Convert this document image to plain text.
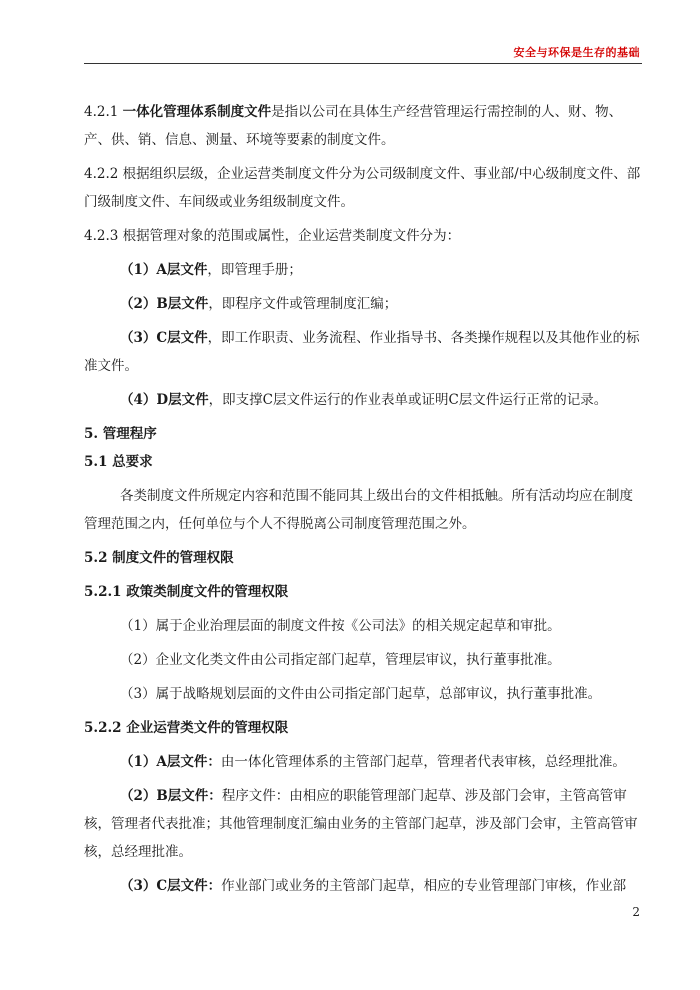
安全与环保是生存的基础

4.2.1 一体化管理体系制度文件是指以公司在具体生产经营管理运行需控制的人、财、物、产、供、销、信息、测量、环境等要素的制度文件。

4.2.2 根据组织层级，企业运营类制度文件分为公司级制度文件、事业部/中心级制度文件、部门级制度文件、车间级或业务组级制度文件。

4.2.3 根据管理对象的范围或属性，企业运营类制度文件分为：

（1）A层文件，即管理手册；

（2）B层文件，即程序文件或管理制度汇编；

（3）C层文件，即工作职责、业务流程、作业指导书、各类操作规程以及其他作业的标准文件。

（4）D层文件，即支撑C层文件运行的作业表单或证明C层文件运行正常的记录。

5. 管理程序

5.1 总要求

各类制度文件所规定内容和范围不能同其上级出台的文件相抵触。所有活动均应在制度管理范围之内，任何单位与个人不得脱离公司制度管理范围之外。

5.2 制度文件的管理权限

5.2.1 政策类制度文件的管理权限

（1）属于企业治理层面的制度文件按《公司法》的相关规定起草和审批。

（2）企业文化类文件由公司指定部门起草，管理层审议，执行董事批准。

（3）属于战略规划层面的文件由公司指定部门起草，总部审议，执行董事批准。

5.2.2 企业运营类文件的管理权限

（1）A层文件：由一体化管理体系的主管部门起草，管理者代表审核，总经理批准。

（2）B层文件：程序文件：由相应的职能管理部门起草、涉及部门会审，主管高管审核，管理者代表批准；其他管理制度汇编由业务的主管部门起草，涉及部门会审，主管高管审核，总经理批准。

（3）C层文件：作业部门或业务的主管部门起草，相应的专业管理部门审核，作业部

2
